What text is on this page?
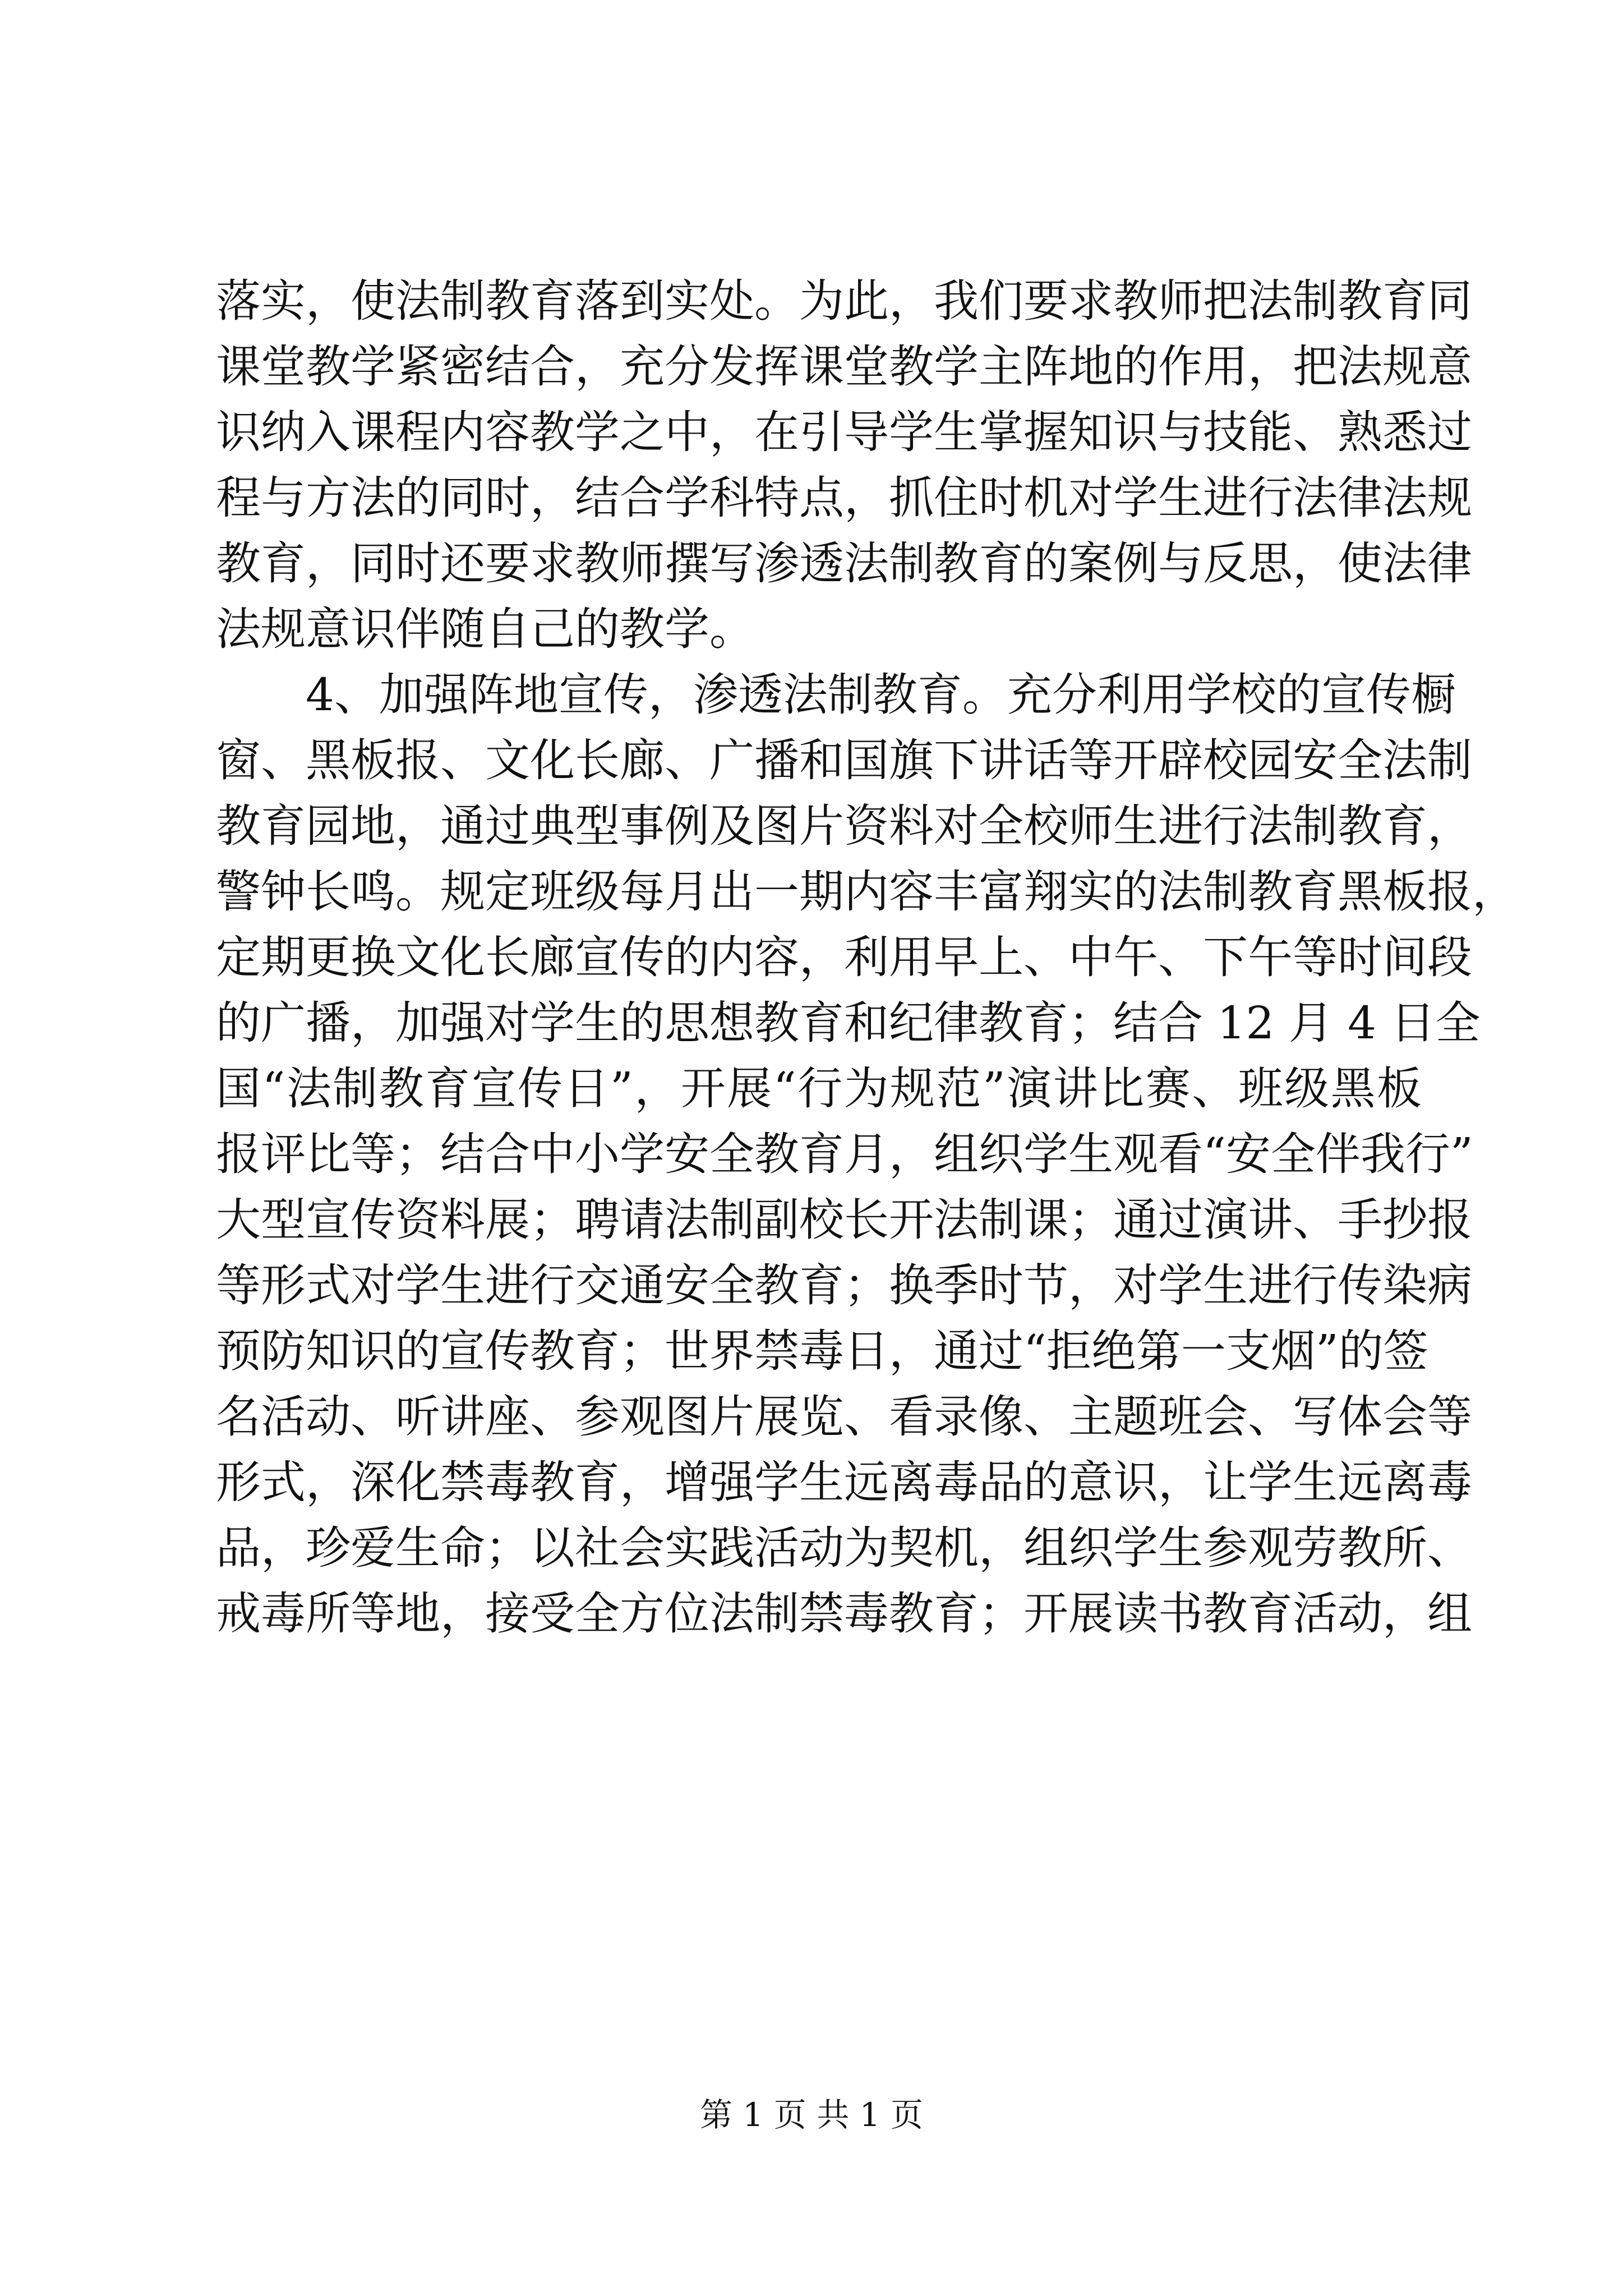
落实，使法制教育落到实处。为此，我们要求教师把法制教育同
课堂教学紧密结合，充分发挥课堂教学主阵地的作用，把法规意
识纳入课程内容教学之中，在引导学生掌握知识与技能、熟悉过
程与方法的同时，结合学科特点，抓住时机对学生进行法律法规
教育，同时还要求教师撰写渗透法制教育的案例与反思，使法律
法规意识伴随自己的教学。
4、加强阵地宣传，渗透法制教育。充分利用学校的宣传橱
窗、黑板报、文化长廊、广播和国旗下讲话等开辟校园安全法制
教育园地，通过典型事例及图片资料对全校师生进行法制教育，
警钟长鸣。规定班级每月出一期内容丰富翔实的法制教育黑板报，
定期更换文化长廊宣传的内容，利用早上、中午、下午等时间段
的广播，加强对学生的思想教育和纪律教育；结合 12 月 4 日全
国“法制教育宣传日”，开展“行为规范”演讲比赛、班级黑板
报评比等；结合中小学安全教育月，组织学生观看“安全伴我行”
大型宣传资料展；聘请法制副校长开法制课；通过演讲、手抄报
等形式对学生进行交通安全教育；换季时节，对学生进行传染病
预防知识的宣传教育；世界禁毒日，通过“拒绝第一支烟”的签
名活动、听讲座、参观图片展览、看录像、主题班会、写体会等
形式，深化禁毒教育，增强学生远离毒品的意识，让学生远离毒
品，珍爱生命；以社会实践活动为契机，组织学生参观劳教所、
戒毒所等地，接受全方位法制禁毒教育；开展读书教育活动，组
第 1 页 共 1 页
